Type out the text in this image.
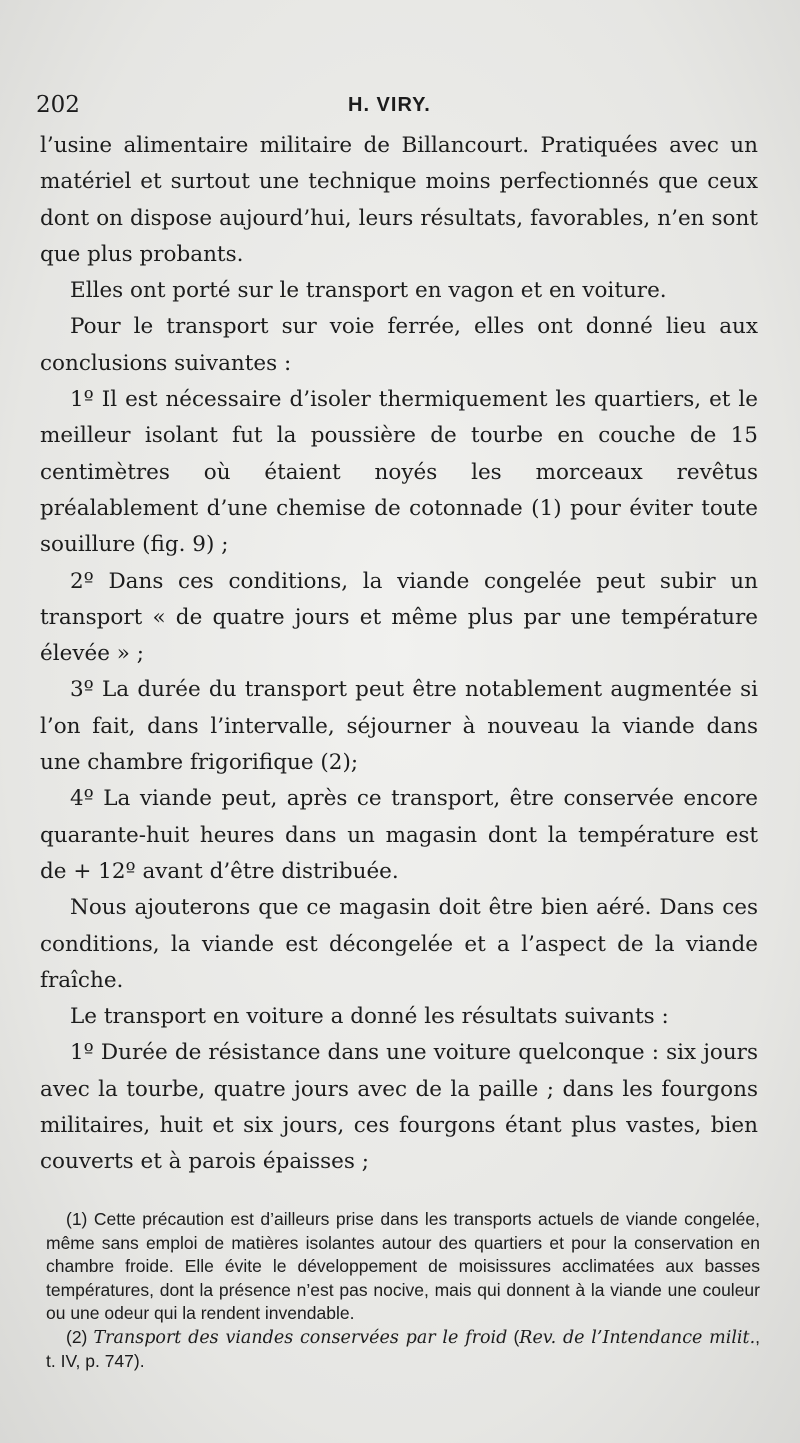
202	H. VIRY.

l’usine alimentaire militaire de Billancourt. Pratiquées avec un matériel et surtout une technique moins perfectionnés que ceux dont on dispose aujourd’hui, leurs résultats, favorables, n’en sont que plus probants.

Elles ont porté sur le transport en vagon et en voiture.

Pour le transport sur voie ferrée, elles ont donné lieu aux conclusions suivantes :

1º Il est nécessaire d’isoler thermiquement les quartiers, et le meilleur isolant fut la poussière de tourbe en couche de 15 centimètres où étaient noyés les morceaux revêtus préalablement d’une chemise de cotonnade (1) pour éviter toute souillure (fig. 9) ;

2º Dans ces conditions, la viande congelée peut subir un transport « de quatre jours et même plus par une température élevée » ;

3º La durée du transport peut être notablement augmentée si l’on fait, dans l’intervalle, séjourner à nouveau la viande dans une chambre frigorifique (2);

4º La viande peut, après ce transport, être conservée encore quarante-huit heures dans un magasin dont la température est de + 12º avant d’être distribuée.

Nous ajouterons que ce magasin doit être bien aéré. Dans ces conditions, la viande est décongelée et a l’aspect de la viande fraîche.

Le transport en voiture a donné les résultats suivants :

1º Durée de résistance dans une voiture quelconque : six jours avec la tourbe, quatre jours avec de la paille ; dans les fourgons militaires, huit et six jours, ces fourgons étant plus vastes, bien couverts et à parois épaisses ;

(1) Cette précaution est d’ailleurs prise dans les transports actuels de viande congelée, même sans emploi de matières isolantes autour des quartiers et pour la conservation en chambre froide. Elle évite le développement de moisissures acclimatées aux basses températures, dont la présence n’est pas nocive, mais qui donnent à la viande une couleur ou une odeur qui la rendent invendable.

(2) Transport des viandes conservées par le froid (Rev. de l’Intendance milit., t. IV, p. 747).
